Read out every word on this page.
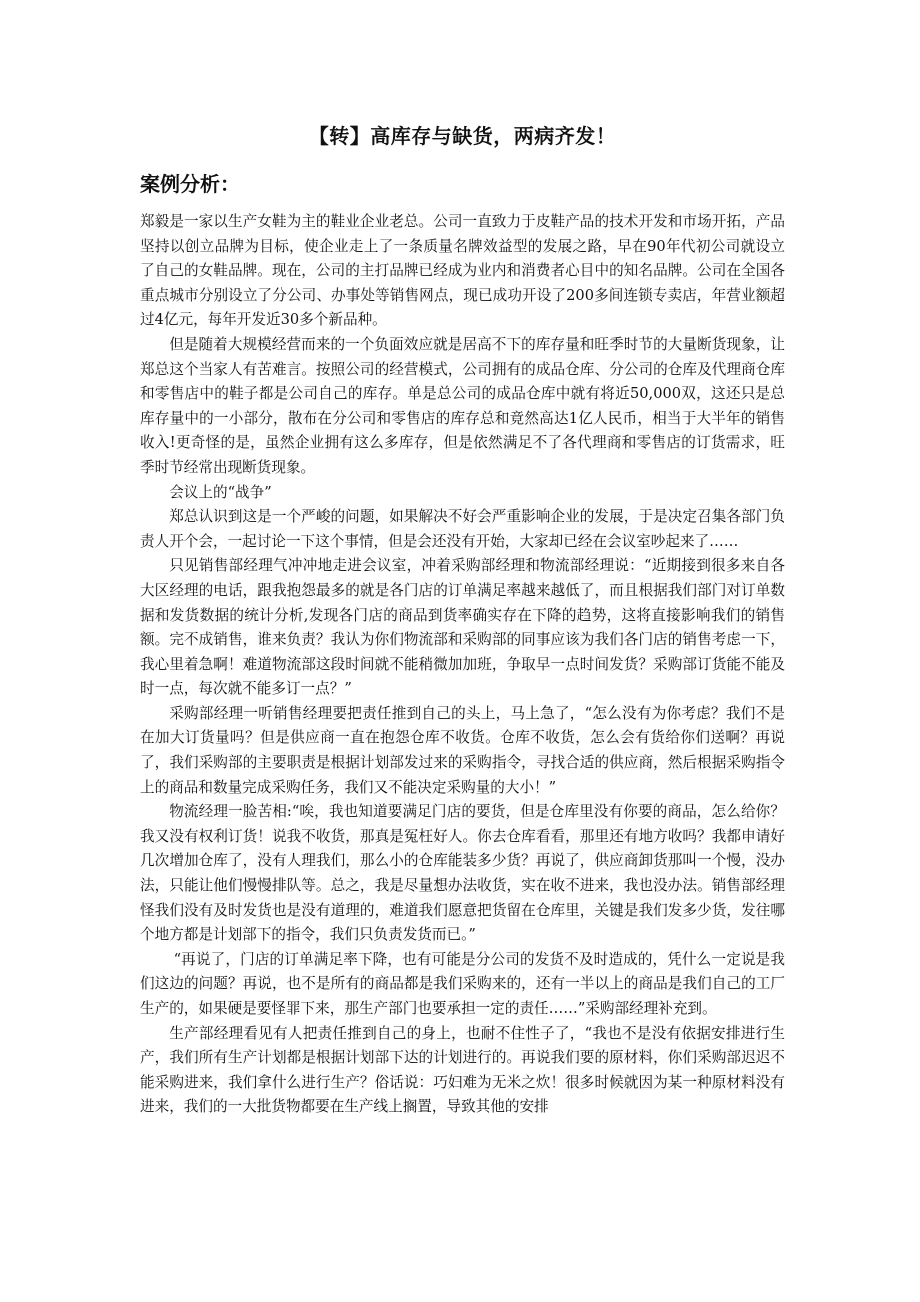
【转】高库存与缺货，两病齐发！
案例分析：

郑毅是一家以生产女鞋为主的鞋业企业老总。公司一直致力于皮鞋产品的技术开发和市场开拓，产品坚持以创立品牌为目标，使企业走上了一条质量名牌效益型的发展之路，早在90年代初公司就设立了自己的女鞋品牌。现在，公司的主打品牌已经成为业内和消费者心目中的知名品牌。公司在全国各重点城市分别设立了分公司、办事处等销售网点，现已成功开设了200多间连锁专卖店，年营业额超过4亿元，每年开发近30多个新品种。

但是随着大规模经营而来的一个负面效应就是居高不下的库存量和旺季时节的大量断货现象，让郑总这个当家人有苦难言。按照公司的经营模式，公司拥有的成品仓库、分公司的仓库及代理商仓库和零售店中的鞋子都是公司自己的库存。单是总公司的成品仓库中就有将近50,000双，这还只是总库存量中的一小部分，散布在分公司和零售店的库存总和竟然高达1亿人民币，相当于大半年的销售收入!更奇怪的是，虽然企业拥有这么多库存，但是依然满足不了各代理商和零售店的订货需求，旺季时节经常出现断货现象。

会议上的“战争”

郑总认识到这是一个严峻的问题，如果解决不好会严重影响企业的发展，于是决定召集各部门负责人开个会，一起讨论一下这个事情，但是会还没有开始，大家却已经在会议室吵起来了……

只见销售部经理气冲冲地走进会议室，冲着采购部经理和物流部经理说：“近期接到很多来自各大区经理的电话，跟我抱怨最多的就是各门店的订单满足率越来越低了，而且根据我们部门对订单数据和发货数据的统计分析,发现各门店的商品到货率确实存在下降的趋势，这将直接影响我们的销售额。完不成销售，谁来负责？我认为你们物流部和采购部的同事应该为我们各门店的销售考虑一下，我心里着急啊！难道物流部这段时间就不能稍微加加班，争取早一点时间发货？采购部订货能不能及时一点，每次就不能多订一点？”

采购部经理一听销售经理要把责任推到自己的头上，马上急了，“怎么没有为你考虑？我们不是在加大订货量吗？但是供应商一直在抱怨仓库不收货。仓库不收货，怎么会有货给你们送啊？再说了，我们采购部的主要职责是根据计划部发过来的采购指令，寻找合适的供应商，然后根据采购指令上的商品和数量完成采购任务，我们又不能决定采购量的大小！”

物流经理一脸苦相:“唉，我也知道要满足门店的要货，但是仓库里没有你要的商品，怎么给你？我又没有权利订货！说我不收货，那真是冤枉好人。你去仓库看看，那里还有地方收吗？我都申请好几次增加仓库了，没有人理我们，那么小的仓库能装多少货？再说了，供应商卸货那叫一个慢，没办法，只能让他们慢慢排队等。总之，我是尽量想办法收货，实在收不进来，我也没办法。销售部经理怪我们没有及时发货也是没有道理的，难道我们愿意把货留在仓库里，关键是我们发多少货，发往哪个地方都是计划部下的指令，我们只负责发货而已。”

“再说了，门店的订单满足率下降，也有可能是分公司的发货不及时造成的，凭什么一定说是我们这边的问题？再说，也不是所有的商品都是我们采购来的，还有一半以上的商品是我们自己的工厂生产的，如果硬是要怪罪下来，那生产部门也要承担一定的责任……”采购部经理补充到。

生产部经理看见有人把责任推到自己的身上，也耐不住性子了，“我也不是没有依据安排进行生产，我们所有生产计划都是根据计划部下达的计划进行的。再说我们要的原材料，你们采购部迟迟不能采购进来，我们拿什么进行生产？俗话说：巧妇难为无米之炊！很多时候就因为某一种原材料没有进来，我们的一大批货物都要在生产线上搁置，导致其他的安排
